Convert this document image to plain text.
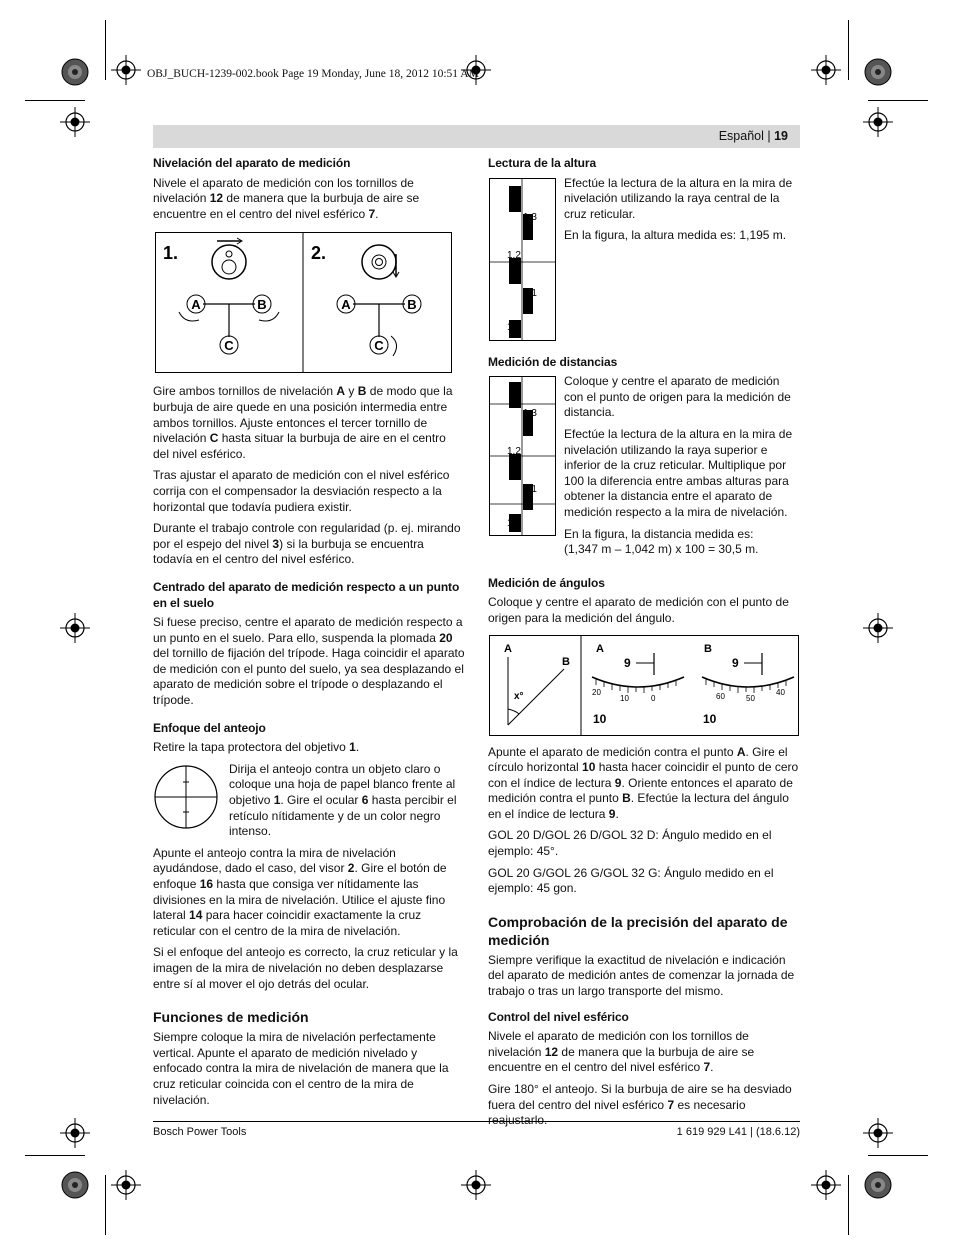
OBJ_BUCH-1239-002.book Page 19 Monday, June 18, 2012 10:51 AM
Español | 19
Nivelación del aparato de medición

Nivele el aparato de medición con los tornillos de nivelación 12 de manera que la burbuja de aire se encuentre en el centro del nivel esférico 7.

1.	2.
A	B
C
A	B
C

Gire ambos tornillos de nivelación A y B de modo que la burbuja de aire quede en una posición intermedia entre ambos tornillos. Ajuste entonces el tercer tornillo de nivelación C hasta situar la burbuja de aire en el centro del nivel esférico.

Tras ajustar el aparato de medición con el nivel esférico corrija con el compensador la desviación respecto a la horizontal que todavía pudiera existir.

Durante el trabajo controle con regularidad (p. ej. mirando por el espejo del nivel 3) si la burbuja se encuentra todavía en el centro del nivel esférico.

Centrado del aparato de medición respecto a un punto en el suelo

Si fuese preciso, centre el aparato de medición respecto a un punto en el suelo. Para ello, suspenda la plomada 20 del tornillo de fijación del trípode. Haga coincidir el aparato de medición con el punto del suelo, ya sea desplazando el aparato de medición sobre el trípode o desplazando el trípode.

Enfoque del anteojo

Retire la tapa protectora del objetivo 1.

Dirija el anteojo contra un objeto claro o coloque una hoja de papel blanco frente al objetivo 1. Gire el ocular 6 hasta percibir el retículo nítidamente y de un color negro intenso.

Apunte el anteojo contra la mira de nivelación ayudándose, dado el caso, del visor 2. Gire el botón de enfoque 16 hasta que consiga ver nítidamente las divisiones en la mira de nivelación. Utilice el ajuste fino lateral 14 para hacer coincidir exactamente la cruz reticular con el centro de la mira de nivelación.

Si el enfoque del anteojo es correcto, la cruz reticular y la imagen de la mira de nivelación no deben desplazarse entre sí al mover el ojo detrás del ocular.

Funciones de medición

Siempre coloque la mira de nivelación perfectamente vertical. Apunte el aparato de medición nivelado y enfocado contra la mira de nivelación de manera que la cruz reticular coincida con el centro de la mira de nivelación.

Lectura de la altura
1.3
1.2
1.1
1.0

Efectúe la lectura de la altura en la mira de nivelación utilizando la raya central de la cruz reticular.

En la figura, la altura medida es: 1,195 m.

Medición de distancias
1.3
1.2
1.1
1.0

Coloque y centre el aparato de medición con el punto de origen para la medición de distancia.

Efectúe la lectura de la altura en la mira de nivelación utilizando la raya superior e inferior de la cruz reticular. Multiplique por 100 la diferencia entre ambas alturas para obtener la distancia entre el aparato de medición respecto a la mira de nivelación.

En la figura, la distancia medida es:

(1,347 m – 1,042 m) x 100 = 30,5 m.

Medición de ángulos

Coloque y centre el aparato de medición con el punto de origen para la medición del ángulo.

A
B
x°
A
9
20
10	0
10
B
9
60	50
40
10

Apunte el aparato de medición contra el punto A. Gire el círculo horizontal 10 hasta hacer coincidir el punto de cero con el índice de lectura 9. Oriente entonces el aparato de medición contra el punto B. Efectúe la lectura del ángulo en el índice de lectura 9.

GOL 20 D/GOL 26 D/GOL 32 D: Ángulo medido en el ejemplo: 45°.

GOL 20 G/GOL 26 G/GOL 32 G: Ángulo medido en el ejemplo: 45 gon.

Comprobación de la precisión del aparato de medición

Siempre verifique la exactitud de nivelación e indicación del aparato de medición antes de comenzar la jornada de trabajo o tras un largo transporte del mismo.

Control del nivel esférico

Nivele el aparato de medición con los tornillos de nivelación 12 de manera que la burbuja de aire se encuentre en el centro del nivel esférico 7.

Gire 180° el anteojo. Si la burbuja de aire se ha desviado fuera del centro del nivel esférico 7 es necesario

Bosch Power Tools	1 619 929 L41 | (18.6.12)
